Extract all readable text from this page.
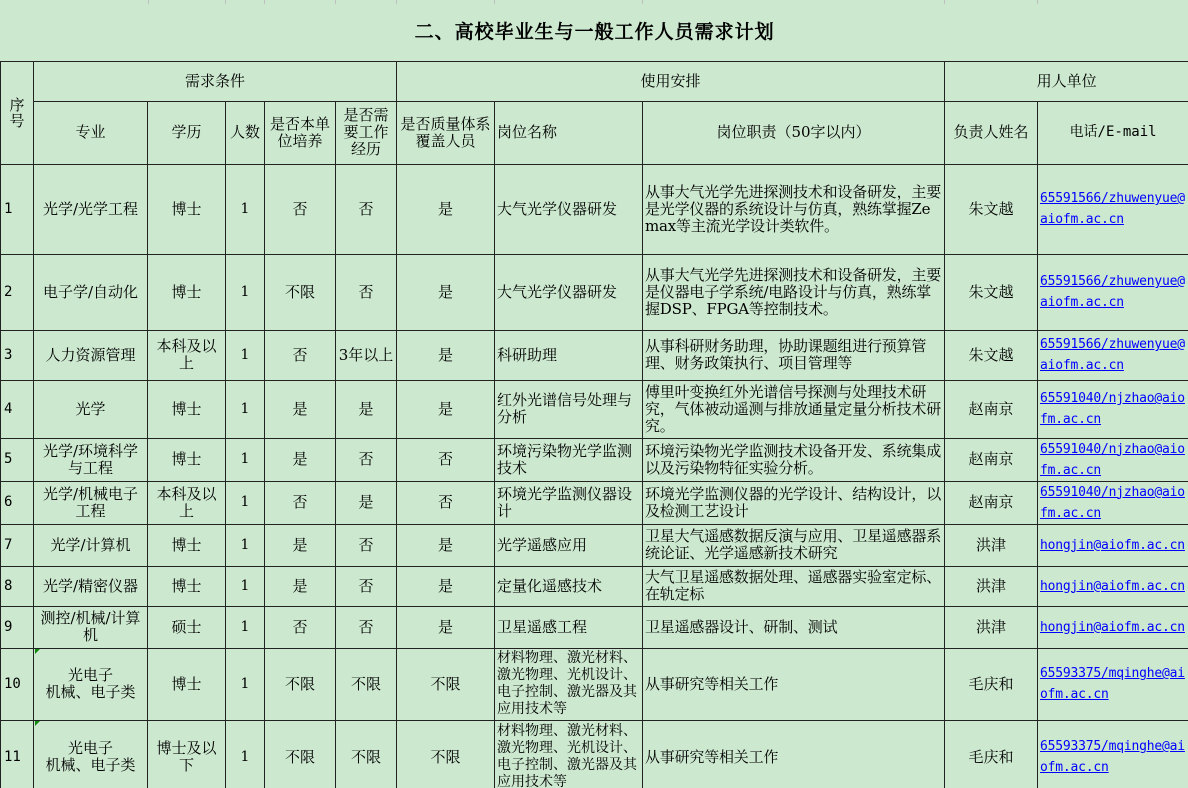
二、高校毕业生与一般工作人员需求计划										
序号	需求条件					使用安排			用人单位	
	专业	学历	人数	是否本单位培养	是否需要工作经历	是否质量体系覆盖人员	岗位名称	岗位职责（50字以内）	负责人姓名	电话/E-mail
1	光学/光学工程	博士	1	否	否	是	大气光学仪器研发	从事大气光学先进探测技术和设备研发，主要是光学仪器的系统设计与仿真，熟练掌握Zemax等主流光学设计类软件。	朱文越	65591566/zhuwenyue@aiofm.ac.cn
2	电子学/自动化	博士	1	不限	否	是	大气光学仪器研发	从事大气光学先进探测技术和设备研发，主要是仪器电子学系统/电路设计与仿真，熟练掌握DSP、FPGA等控制技术。	朱文越	65591566/zhuwenyue@aiofm.ac.cn
3	人力资源管理	本科及以上	1	否	3年以上	是	科研助理	从事科研财务助理，协助课题组进行预算管理、财务政策执行、项目管理等	朱文越	65591566/zhuwenyue@aiofm.ac.cn
4	光学	博士	1	是	是	是	红外光谱信号处理与分析	傅里叶变换红外光谱信号探测与处理技术研究，气体被动遥测与排放通量定量分析技术研究。	赵南京	65591040/njzhao@aiofm.ac.cn
5	光学/环境科学与工程	博士	1	是	否	否	环境污染物光学监测技术	环境污染物光学监测技术设备开发、系统集成以及污染物特征实验分析。	赵南京	65591040/njzhao@aiofm.ac.cn
6	光学/机械电子工程	本科及以上	1	否	是	否	环境光学监测仪器设计	环境光学监测仪器的光学设计、结构设计，以及检测工艺设计	赵南京	65591040/njzhao@aiofm.ac.cn
7	光学/计算机	博士	1	是	否	是	光学遥感应用	卫星大气遥感数据反演与应用、卫星遥感器系统论证、光学遥感新技术研究	洪津	hongjin@aiofm.ac.cn
8	光学/精密仪器	博士	1	是	否	是	定量化遥感技术	大气卫星遥感数据处理、遥感器实验室定标、在轨定标	洪津	hongjin@aiofm.ac.cn
9	测控/机械/计算机	硕士	1	否	否	是	卫星遥感工程	卫星遥感器设计、研制、测试	洪津	hongjin@aiofm.ac.cn
10	光电子
机械、电子类	博士	1	不限	不限	不限	材料物理、激光材料、激光物理、光机设计、电子控制、激光器及其应用技术等	从事研究等相关工作	毛庆和	65593375/mqinghe@aiofm.ac.cn
11	光电子
机械、电子类	博士及以下	1	不限	不限	不限	材料物理、激光材料、激光物理、光机设计、电子控制、激光器及其应用技术等	从事研究等相关工作	毛庆和	65593375/mqinghe@aiofm.ac.cn
